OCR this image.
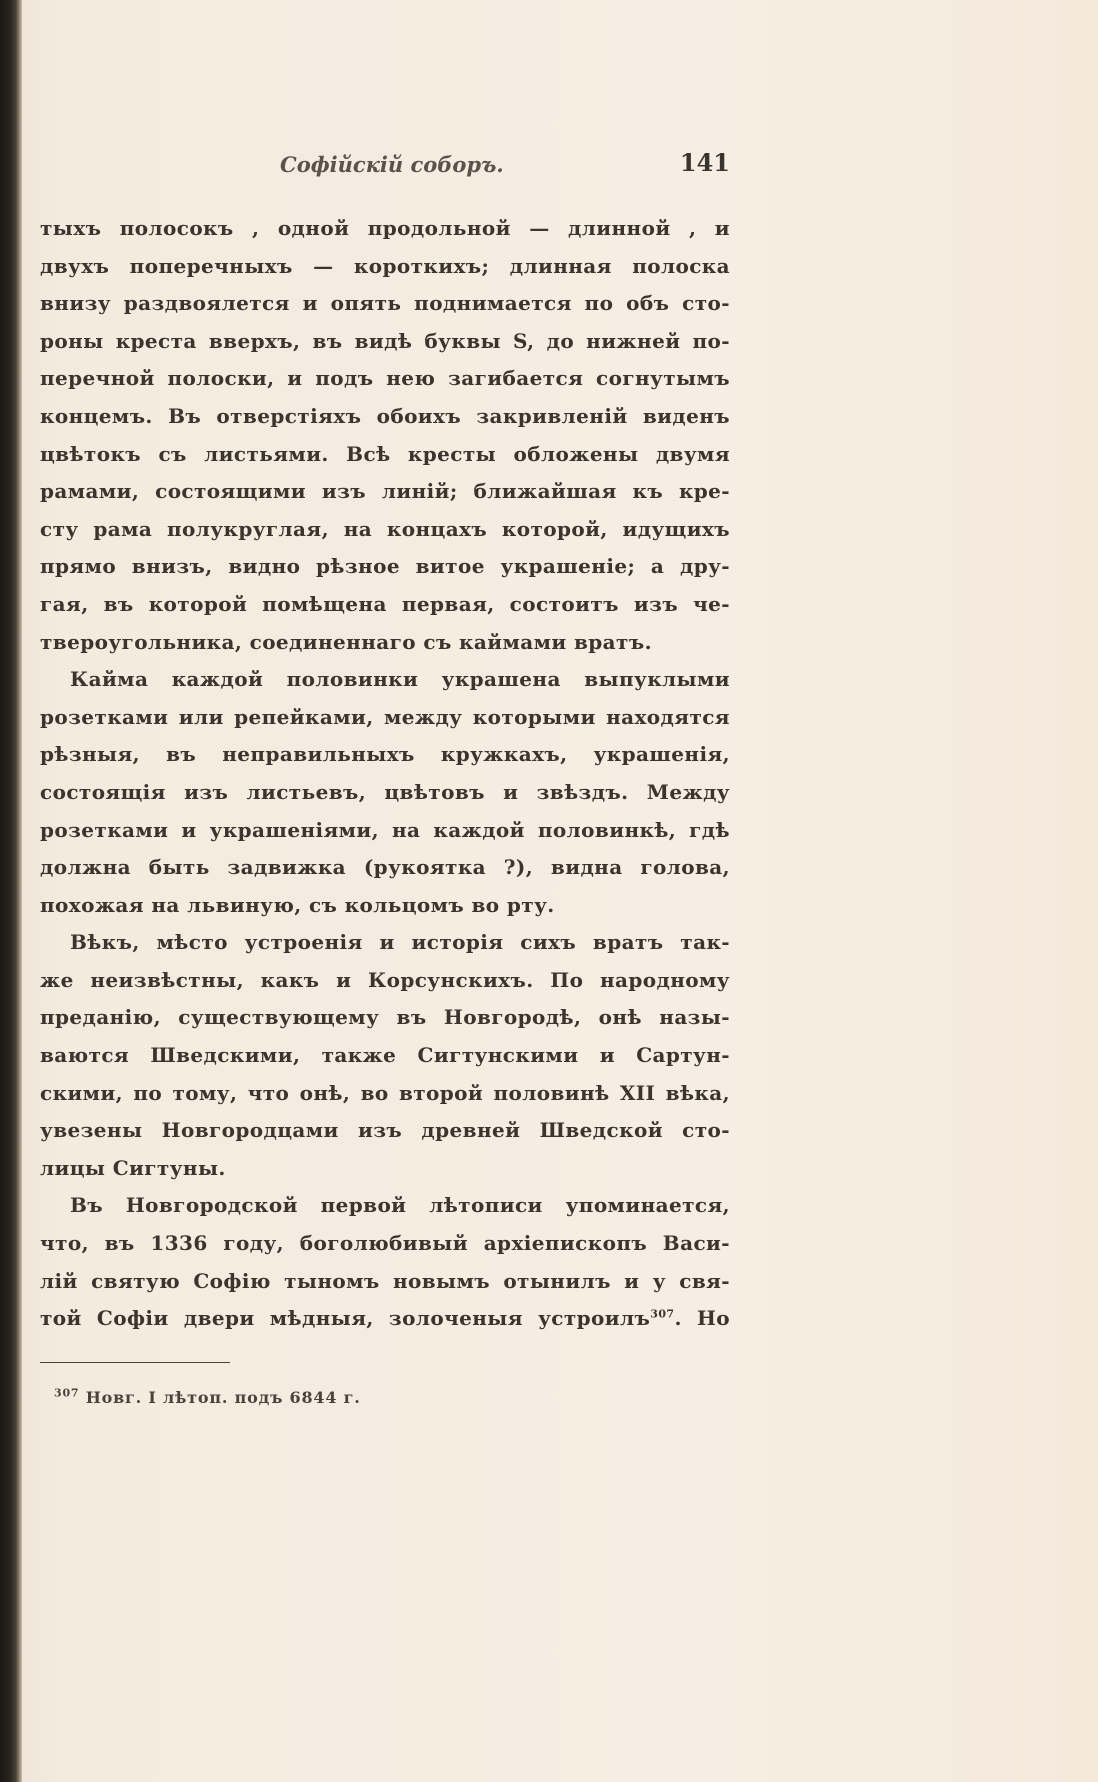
Софійскій соборъ.	141
тыхъ полосокъ , одной продольной — длинной , и
двухъ поперечныхъ — короткихъ; длинная полоска
внизу раздвоялется и опять поднимается по объ сто-
роны креста вверхъ, въ видѣ буквы S, до нижней по-
перечной полоски, и подъ нею загибается согнутымъ
концемъ. Въ отверстіяхъ обоихъ закривленій виденъ
цвѣтокъ съ листьями. Всѣ кресты обложены двумя
рамами, состоящими изъ линій; ближайшая къ кре-
сту рама полукруглая, на концахъ которой, идущихъ
прямо внизъ, видно рѣзное витое украшеніе; а дру-
гая, въ которой помѣщена первая, состоитъ изъ че-
твероугольника, соединеннаго съ каймами вратъ.
Кайма каждой половинки украшена выпуклыми
розетками или репейками, между которыми находятся
рѣзныя, въ неправильныхъ кружкахъ, украшенія,
состоящія изъ листьевъ, цвѣтовъ и звѣздъ. Между
розетками и украшеніями, на каждой половинкѣ, гдѣ
должна быть задвижка (рукоятка ?), видна голова,
похожая на львиную, съ кольцомъ во рту.
Вѣкъ, мѣсто устроенія и исторія сихъ вратъ так-
же неизвѣстны, какъ и Корсунскихъ. По народному
преданію, существующему въ Новгородѣ, онѣ назы-
ваются Шведскими, также Сигтунскими и Сартун-
скими, по тому, что онѣ, во второй половинѣ XII вѣка,
увезены Новгородцами изъ древней Шведской сто-
лицы Сигтуны.
Въ Новгородской первой лѣтописи упоминается,
что, въ 1336 году, боголюбивый архіепископъ Васи-
лій святую Софію тыномъ новымъ отынилъ и у свя-
той Софіи двери мѣдныя, золоченыя устроилъ$^{307}$. Но
$^{307}$ Новг. I лѣтоп. подъ 6844 г.
